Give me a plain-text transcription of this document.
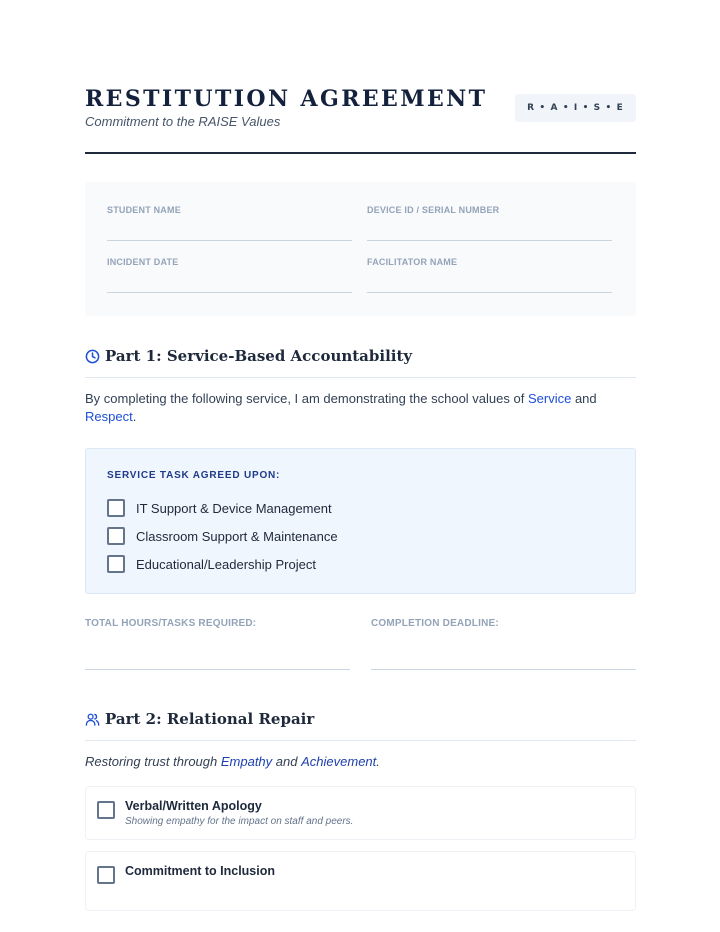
RESTITUTION AGREEMENT
Commitment to the RAISE Values
R • A • I • S • E
STUDENT NAME	DEVICE ID / SERIAL NUMBER
INCIDENT DATE	FACILITATOR NAME
Part 1: Service-Based Accountability
By completing the following service, I am demonstrating the school values of Service and Respect.
SERVICE TASK AGREED UPON:
IT Support & Device Management
Classroom Support & Maintenance
Educational/Leadership Project
TOTAL HOURS/TASKS REQUIRED:	COMPLETION DEADLINE:
Part 2: Relational Repair
Restoring trust through Empathy and Achievement.
Verbal/Written Apology
Showing empathy for the impact on staff and peers.
Commitment to Inclusion
